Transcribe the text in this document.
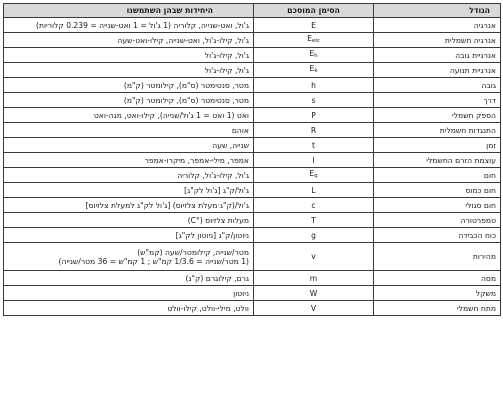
הגודל	הסימן המוסכם	היחידות שבהן השתמשנו
אנרגיה	E	ג'ול, ואט-שנייה, קלוריה (1 ג'ול = 1 ואט-שנייה = 0.239 קלוריות)

אנרגיה חשמלית	Eelc	ג'ול, קילו-ג'ול, ואט-שנייה, קילו-ואט-שעה

אנרגיית גובה	Eh	ג'ול, קילו-ג'ול

אנרגיית תנועה	Ek	ג'ול, קילו-ג'ול

גובה	h	מטר, סנטימטר (ס"מ), קילומטר (ק"מ)

דרך	s	מטר, סנטימטר (ס"מ), קילומטר (ק"מ)

הספק חשמלי	P	ואט (1 ואט = 1 ג'ול/שנייה), קילו-ואט, מגה-ואט

התנגדות חשמלית	R	אוהם

זמן	t	שנייה, שעה

עוצמת הזרם החשמלי	I	אמפר, מילי-אמפר, מיקרו-אמפר

חום	Eq	ג'ול, קילו-ג'ול, קלוריה

חום כמוס	L	ג'ול/ק"ג [ג'ול לק"ג]

חום סגולי	c	ג'ול/(ק"ג·מעלת צלזיוס) [ג'ול לק"ג למעלת צלזיוס]

טמפרטורה	T	מעלות צלזיוס (°C)

כוח הכבידה	g	ניוטון/ק"ג [ניוטון לק"ג]

מהירות	v	מטר/שנייה, קילומטר/שעה (קמ"ש)
(1 מטר/שנייה = 1/3.6 קמ"ש ; 1 קמ"ש = 36 מטר/שנייה)

מסה	m	גרם, קילוגרם (ק"ג)

משקל	W	ניוטון

מתח חשמלי	V	וולט, מילי-וולט, קילו-וולט
